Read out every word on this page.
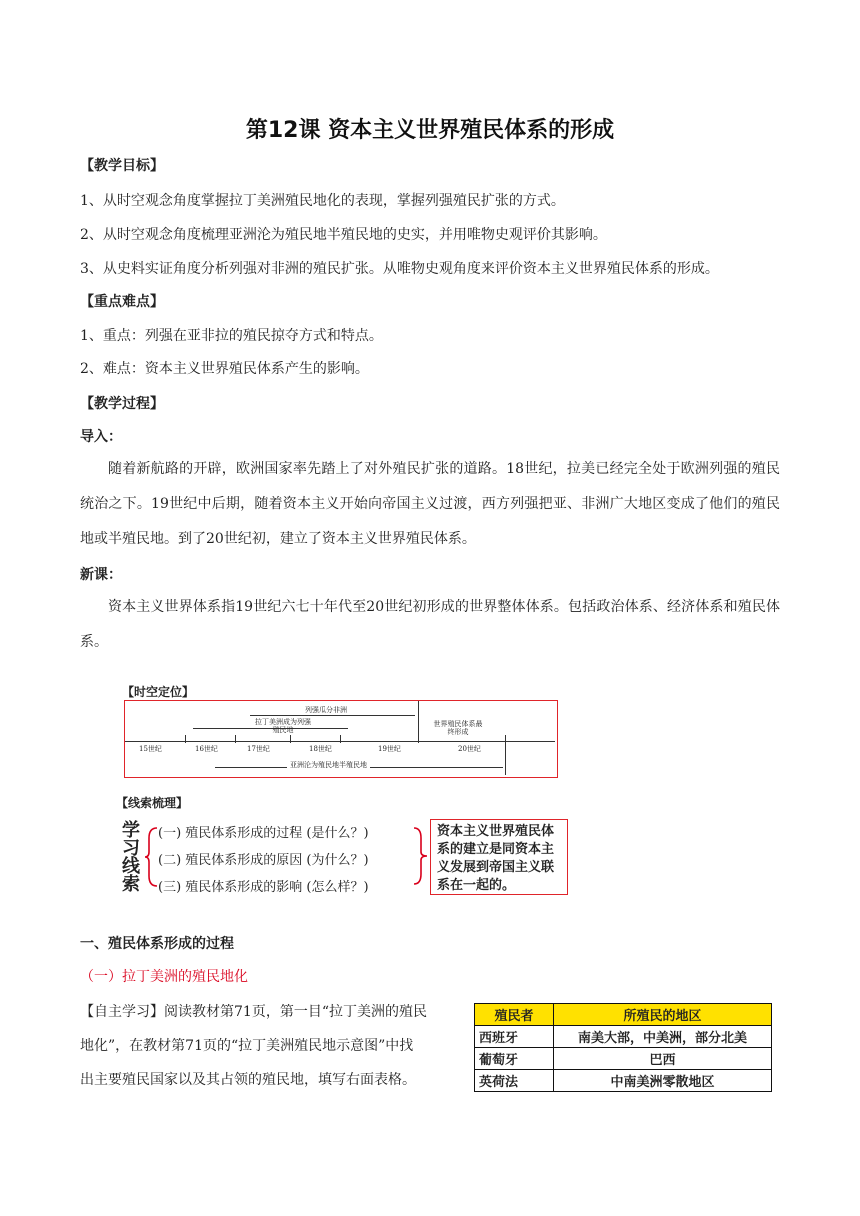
第12课 资本主义世界殖民体系的形成
【教学目标】
1、从时空观念角度掌握拉丁美洲殖民地化的表现，掌握列强殖民扩张的方式。
2、从时空观念角度梳理亚洲沦为殖民地半殖民地的史实，并用唯物史观评价其影响。
3、从史料实证角度分析列强对非洲的殖民扩张。从唯物史观角度来评价资本主义世界殖民体系的形成。
【重点难点】
1、重点：列强在亚非拉的殖民掠夺方式和特点。
2、难点：资本主义世界殖民体系产生的影响。
【教学过程】
导入：
随着新航路的开辟，欧洲国家率先踏上了对外殖民扩张的道路。18世纪，拉美已经完全处于欧洲列强的殖民统治之下。19世纪中后期，随着资本主义开始向帝国主义过渡，西方列强把亚、非洲广大地区变成了他们的殖民地或半殖民地。到了20世纪初，建立了资本主义世界殖民体系。
新课：
资本主义世界体系指19世纪六七十年代至20世纪初形成的世界整体体系。包括政治体系、经济体系和殖民体系。
【时空定位】
15世纪	16世纪	17世纪	18世纪	19世纪	20世纪
列强瓜分非洲
拉丁美洲成为列强殖民地
世界殖民体系最终形成
亚洲沦为殖民地半殖民地
【线索梳理】
学
习
线
索
(一) 殖民体系形成的过程 (是什么？)
(二) 殖民体系形成的原因 (为什么？)
(三) 殖民体系形成的影响 (怎么样？)
资本主义世界殖民体系的建立是同资本主义发展到帝国主义联系在一起的。
一、殖民体系形成的过程
（一）拉丁美洲的殖民地化
【自主学习】阅读教材第71页，第一目“拉丁美洲的殖民
地化”，在教材第71页的“拉丁美洲殖民地示意图”中找
出主要殖民国家以及其占领的殖民地，填写右面表格。
殖民者	所殖民的地区
西班牙	南美大部，中美洲，部分北美
葡萄牙	巴西
英荷法	中南美洲零散地区
